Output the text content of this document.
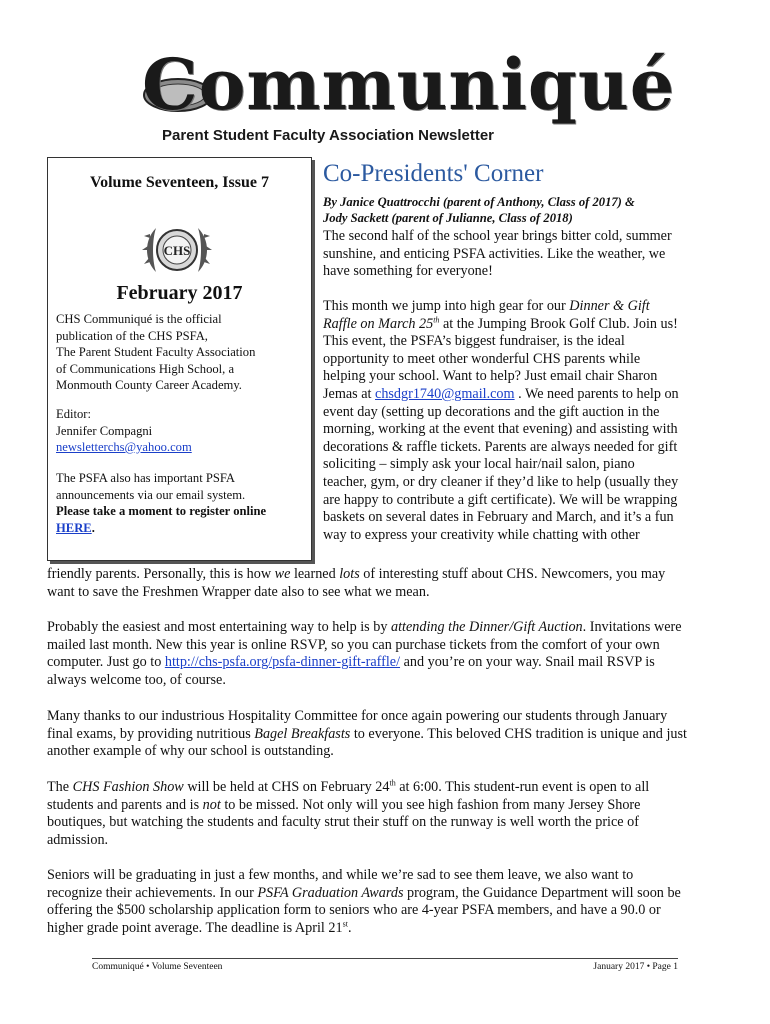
Communiqué
Parent Student Faculty Association Newsletter
Volume Seventeen, Issue 7
CHS
February 2017
CHS Communiqué is the official
publication of the CHS PSFA,
The Parent Student Faculty Association
of Communications High School, a
Monmouth County Career Academy.
Editor:
Jennifer Compagni
newsletterchs@yahoo.com
The PSFA also has important PSFA
announcements via our email system.
Please take a moment to register online
HERE.
Co-Presidents' Corner
By Janice Quattrocchi (parent of Anthony, Class of 2017) &
Jody Sackett (parent of Julianne, Class of 2018)
The second half of the school year brings bitter cold, summer sunshine, and enticing PSFA activities. Like the weather, we have something for everyone!
This month we jump into high gear for our Dinner & Gift Raffle on March 25th at the Jumping Brook Golf Club. Join us! This event, the PSFA’s biggest fundraiser, is the ideal opportunity to meet other wonderful CHS parents while helping your school. Want to help? Just email chair Sharon Jemas at chsdgr1740@gmail.com . We need parents to help on event day (setting up decorations and the gift auction in the morning, working at the event that evening) and assisting with decorations & raffle tickets. Parents are always needed for gift soliciting – simply ask your local hair/nail salon, piano teacher, gym, or dry cleaner if they’d like to help (usually they are happy to contribute a gift certificate). We will be wrapping baskets on several dates in February and March, and it’s a fun way to express your creativity while chatting with other
friendly parents. Personally, this is how we learned lots of interesting stuff about CHS. Newcomers, you may want to save the Freshmen Wrapper date also to see what we mean.
Probably the easiest and most entertaining way to help is by attending the Dinner/Gift Auction. Invitations were mailed last month. New this year is online RSVP, so you can purchase tickets from the comfort of your own computer. Just go to http://chs-psfa.org/psfa-dinner-gift-raffle/ and you’re on your way. Snail mail RSVP is always welcome too, of course.
Many thanks to our industrious Hospitality Committee for once again powering our students through January final exams, by providing nutritious Bagel Breakfasts to everyone. This beloved CHS tradition is unique and just another example of why our school is outstanding.
The CHS Fashion Show will be held at CHS on February 24th at 6:00. This student-run event is open to all students and parents and is not to be missed. Not only will you see high fashion from many Jersey Shore boutiques, but watching the students and faculty strut their stuff on the runway is well worth the price of admission.
Seniors will be graduating in just a few months, and while we’re sad to see them leave, we also want to recognize their achievements. In our PSFA Graduation Awards program, the Guidance Department will soon be offering the $500 scholarship application form to seniors who are 4-year PSFA members, and have a 90.0 or higher grade point average. The deadline is April 21st.
Communiqué • Volume Seventeen	January 2017 • Page 1
